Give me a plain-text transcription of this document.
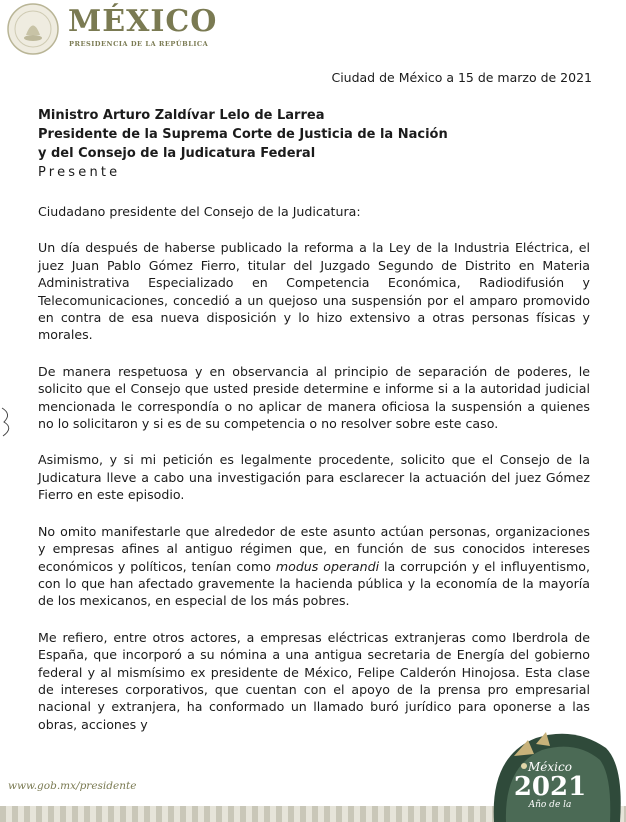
MÉXICO
PRESIDENCIA DE LA REPÚBLICA
Ciudad de México a 15 de marzo de 2021
Ministro Arturo Zaldívar Lelo de Larrea
Presidente de la Suprema Corte de Justicia de la Nación
y del Consejo de la Judicatura Federal
Presente

Ciudadano presidente del Consejo de la Judicatura:

Un día después de haberse publicado la reforma a la Ley de la Industria Eléctrica, el juez Juan Pablo Gómez Fierro, titular del Juzgado Segundo de Distrito en Materia Administrativa Especializado en Competencia Económica, Radiodifusión y Telecomunicaciones, concedió a un quejoso una suspensión por el amparo promovido en contra de esa nueva disposición y lo hizo extensivo a otras personas físicas y morales.

De manera respetuosa y en observancia al principio de separación de poderes, le solicito que el Consejo que usted preside determine e informe si a la autoridad judicial mencionada le correspondía o no aplicar de manera oficiosa la suspensión a quienes no lo solicitaron y si es de su competencia o no resolver sobre este caso.

Asimismo, y si mi petición es legalmente procedente, solicito que el Consejo de la Judicatura lleve a cabo una investigación para esclarecer la actuación del juez Gómez Fierro en este episodio.

No omito manifestarle que alrededor de este asunto actúan personas, organizaciones y empresas afines al antiguo régimen que, en función de sus conocidos intereses económicos y políticos, tenían como modus operandi la corrupción y el influyentismo, con lo que han afectado gravemente la hacienda pública y la economía de la mayoría de los mexicanos, en especial de los más pobres.

Me refiero, entre otros actores, a empresas eléctricas extranjeras como Iberdrola de España, que incorporó a su nómina a una antigua secretaria de Energía del gobierno federal y al mismísimo ex presidente de México, Felipe Calderón Hinojosa. Esta clase de intereses corporativos, que cuentan con el apoyo de la prensa pro empresarial nacional y extranjera, ha conformado un llamado buró jurídico para oponerse a las obras, acciones y

www.gob.mx/presidente
México
2021
Año de la
